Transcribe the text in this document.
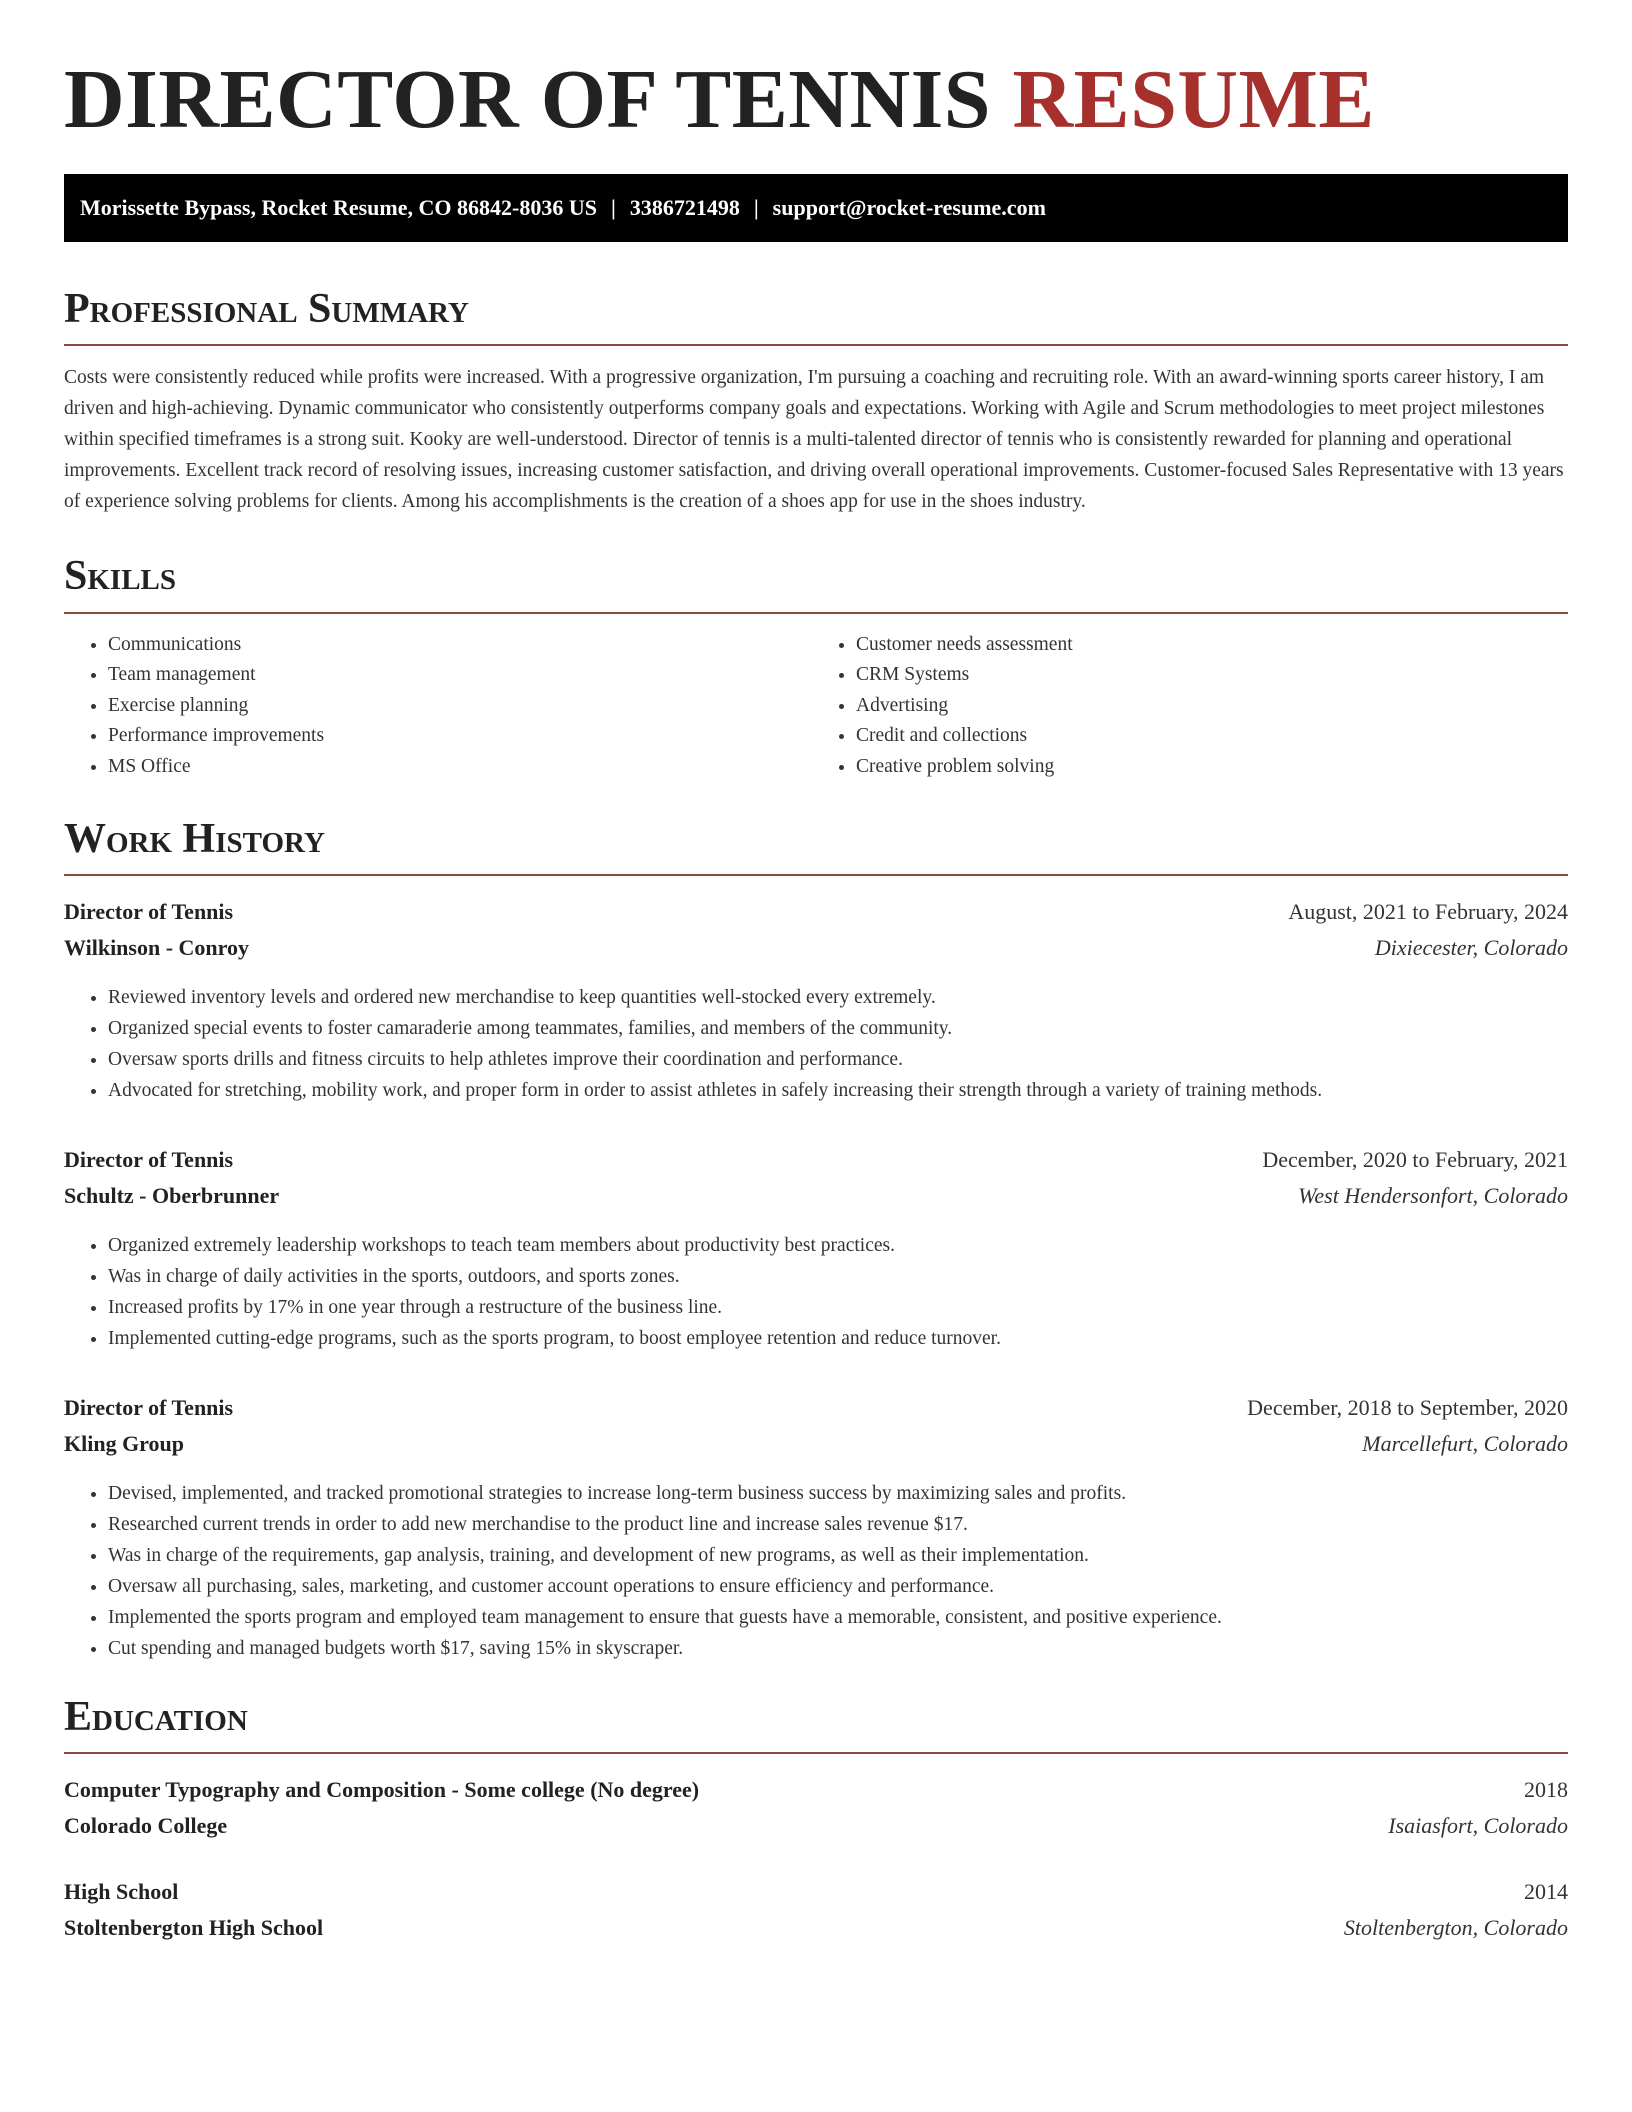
DIRECTOR OF TENNIS RESUME
Morissette Bypass, Rocket Resume, CO 86842-8036 US | 3386721498 | support@rocket-resume.com
Professional Summary

Costs were consistently reduced while profits were increased. With a progressive organization, I'm pursuing a coaching and recruiting role. With an award-winning sports career history, I am driven and high-achieving. Dynamic communicator who consistently outperforms company goals and expectations. Working with Agile and Scrum methodologies to meet project milestones within specified timeframes is a strong suit. Kooky are well-understood. Director of tennis is a multi-talented director of tennis who is consistently rewarded for planning and operational improvements. Excellent track record of resolving issues, increasing customer satisfaction, and driving overall operational improvements. Customer-focused Sales Representative with 13 years of experience solving problems for clients. Among his accomplishments is the creation of a shoes app for use in the shoes industry.

Skills
• Communications
• Team management
• Exercise planning
• Performance improvements
• MS Office
• Customer needs assessment
• CRM Systems
• Advertising
• Credit and collections
• Creative problem solving
Work History
Director of Tennis	August, 2021 to February, 2024
Wilkinson - Conroy	Dixiecester, Colorado
• Reviewed inventory levels and ordered new merchandise to keep quantities well-stocked every extremely.
• Organized special events to foster camaraderie among teammates, families, and members of the community.
• Oversaw sports drills and fitness circuits to help athletes improve their coordination and performance.
• Advocated for stretching, mobility work, and proper form in order to assist athletes in safely increasing their strength through a variety of training methods.
Director of Tennis	December, 2020 to February, 2021
Schultz - Oberbrunner	West Hendersonfort, Colorado
• Organized extremely leadership workshops to teach team members about productivity best practices.
• Was in charge of daily activities in the sports, outdoors, and sports zones.
• Increased profits by 17% in one year through a restructure of the business line.
• Implemented cutting-edge programs, such as the sports program, to boost employee retention and reduce turnover.
Director of Tennis	December, 2018 to September, 2020
Kling Group	Marcellefurt, Colorado
• Devised, implemented, and tracked promotional strategies to increase long-term business success by maximizing sales and profits.
• Researched current trends in order to add new merchandise to the product line and increase sales revenue $17.
• Was in charge of the requirements, gap analysis, training, and development of new programs, as well as their implementation.
• Oversaw all purchasing, sales, marketing, and customer account operations to ensure efficiency and performance.
• Implemented the sports program and employed team management to ensure that guests have a memorable, consistent, and positive experience.
• Cut spending and managed budgets worth $17, saving 15% in skyscraper.
Education
Computer Typography and Composition - Some college (No degree)	2018
Colorado College	Isaiasfort, Colorado
High School	2014
Stoltenbergton High School	Stoltenbergton, Colorado
